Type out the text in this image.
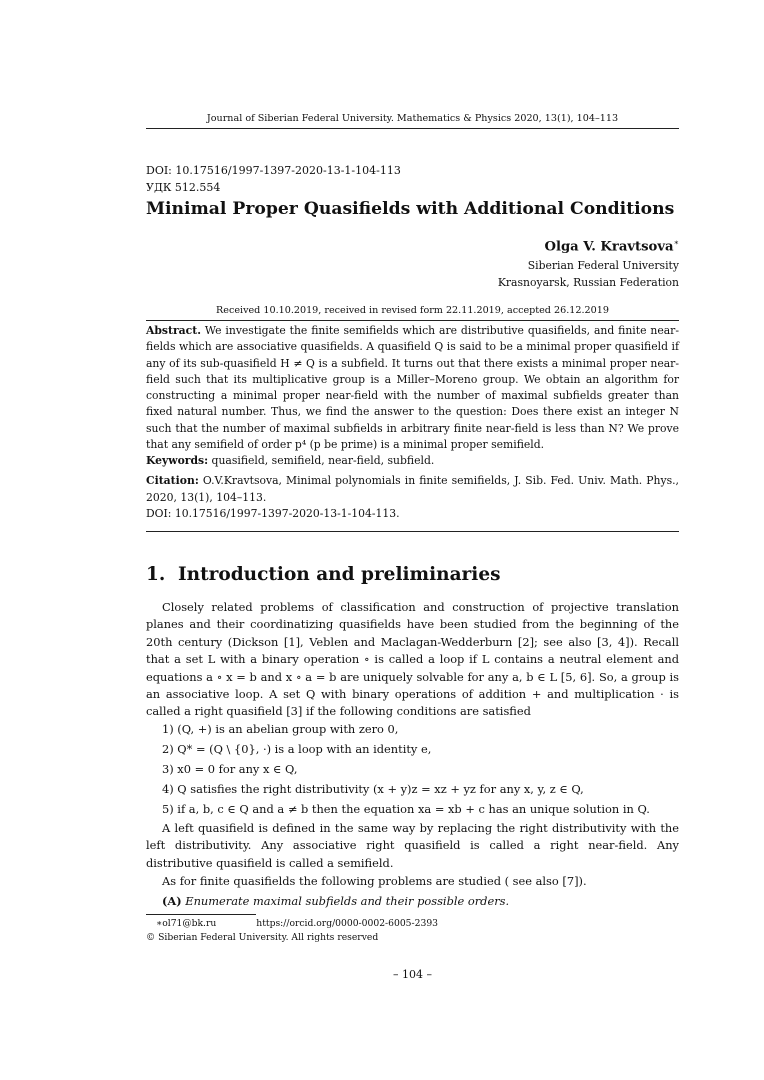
Journal of Siberian Federal University. Mathematics & Physics 2020, 13(1), 104–113
DOI: 10.17516/1997-1397-2020-13-1-104-113
УДК 512.554
Minimal Proper Quasifields with Additional Conditions
Olga V. Kravtsova∗
Siberian Federal University
Krasnoyarsk, Russian Federation
Received 10.10.2019, received in revised form 22.11.2019, accepted 26.12.2019
Abstract. We investigate the finite semifields which are distributive quasifields, and finite near-fields which are associative quasifields. A quasifield Q is said to be a minimal proper quasifield if any of its sub-quasifield H ≠ Q is a subfield. It turns out that there exists a minimal proper near-field such that its multiplicative group is a Miller–Moreno group. We obtain an algorithm for constructing a minimal proper near-field with the number of maximal subfields greater than fixed natural number. Thus, we find the answer to the question: Does there exist an integer N such that the number of maximal subfields in arbitrary finite near-field is less than N? We prove that any semifield of order p⁴ (p be prime) is a minimal proper semifield.
Keywords: quasifield, semifield, near-field, subfield.
Citation: O.V.Kravtsova, Minimal polynomials in finite semifields, J. Sib. Fed. Univ. Math. Phys., 2020, 13(1), 104–113.
DOI: 10.17516/1997-1397-2020-13-1-104-113.
1. Introduction and preliminaries
Closely related problems of classification and construction of projective translation planes and their coordinatizing quasifields have been studied from the beginning of the 20th century (Dickson [1], Veblen and Maclagan-Wedderburn [2]; see also [3, 4]). Recall that a set L with a binary operation ∘ is called a loop if L contains a neutral element and equations a ∘ x = b and x ∘ a = b are uniquely solvable for any a, b ∈ L [5, 6]. So, a group is an associative loop. A set Q with binary operations of addition + and multiplication · is called a right quasifield [3] if the following conditions are satisfied
1) (Q, +) is an abelian group with zero 0,
2) Q* = (Q \ {0}, ·) is a loop with an identity e,
3) x0 = 0 for any x ∈ Q,
4) Q satisfies the right distributivity (x + y)z = xz + yz for any x, y, z ∈ Q,
5) if a, b, c ∈ Q and a ≠ b then the equation xa = xb + c has an unique solution in Q.
A left quasifield is defined in the same way by replacing the right distributivity with the left distributivity. Any associative right quasifield is called a right near-field. Any distributive quasifield is called a semifield.
As for finite quasifields the following problems are studied ( see also [7]).
(A) Enumerate maximal subfields and their possible orders.
∗ol71@bk.ru	https://orcid.org/0000-0002-6005-2393
© Siberian Federal University. All rights reserved
– 104 –
